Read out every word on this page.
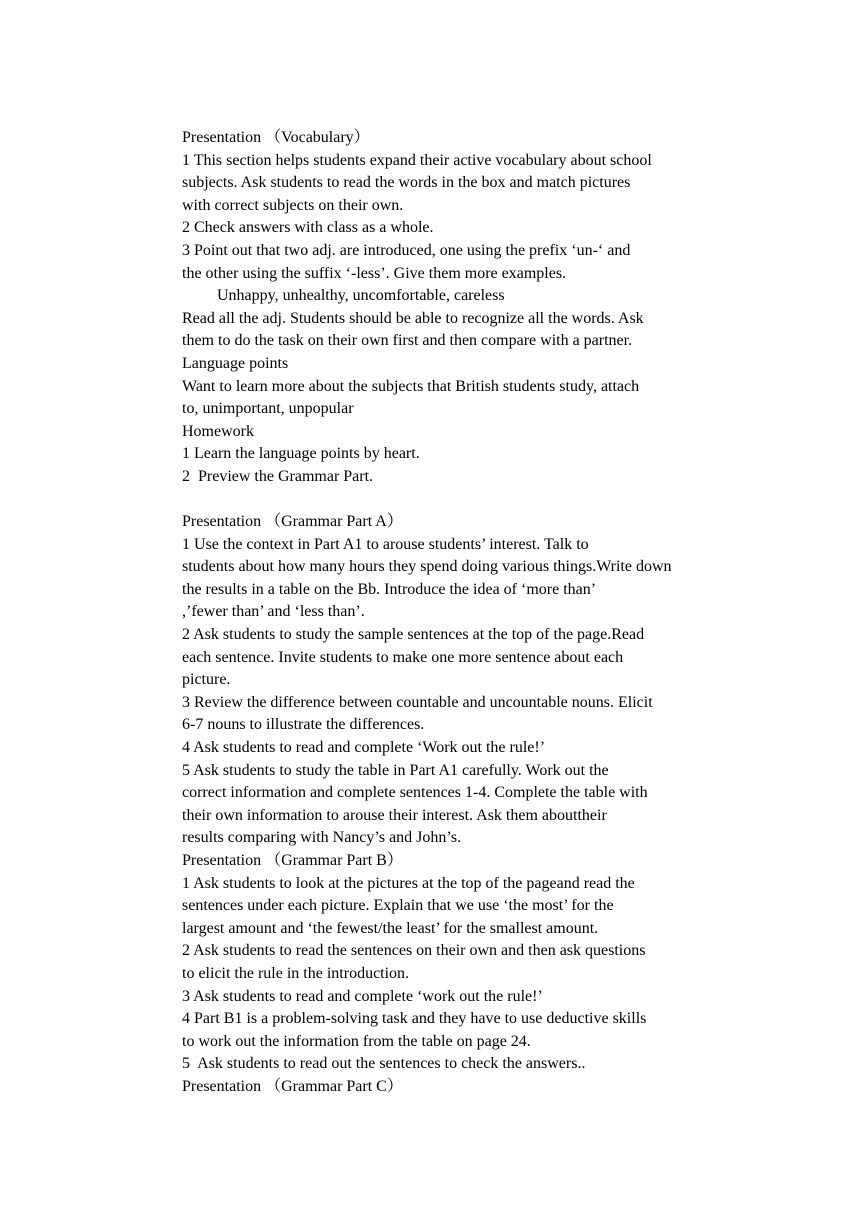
Presentation （Vocabulary）
1 This section helps students expand their active vocabulary about school
subjects. Ask students to read the words in the box and match pictures
with correct subjects on their own.
2 Check answers with class as a whole.
3 Point out that two adj. are introduced, one using the prefix ‘un-‘ and
the other using the suffix ‘-less’. Give them more examples.
Unhappy, unhealthy, uncomfortable, careless
Read all the adj. Students should be able to recognize all the words. Ask
them to do the task on their own first and then compare with a partner.
Language points
Want to learn more about the subjects that British students study, attach
to, unimportant, unpopular
Homework
1 Learn the language points by heart.
2  Preview the Grammar Part.
Presentation （Grammar Part A）
1 Use the context in Part A1 to arouse students’ interest. Talk to
students about how many hours they spend doing various things.Write down
the results in a table on the Bb. Introduce the idea of ‘more than’
,’fewer than’ and ‘less than’.
2 Ask students to study the sample sentences at the top of the page.Read
each sentence. Invite students to make one more sentence about each
picture.
3 Review the difference between countable and uncountable nouns. Elicit
6-7 nouns to illustrate the differences.
4 Ask students to read and complete ‘Work out the rule!’
5 Ask students to study the table in Part A1 carefully. Work out the
correct information and complete sentences 1-4. Complete the table with
their own information to arouse their interest. Ask them abouttheir
results comparing with Nancy’s and John’s.
Presentation （Grammar Part B）
1 Ask students to look at the pictures at the top of the pageand read the
sentences under each picture. Explain that we use ‘the most’ for the
largest amount and ‘the fewest/the least’ for the smallest amount.
2 Ask students to read the sentences on their own and then ask questions
to elicit the rule in the introduction.
3 Ask students to read and complete ‘work out the rule!’
4 Part B1 is a problem-solving task and they have to use deductive skills
to work out the information from the table on page 24.
5  Ask students to read out the sentences to check the answers..
Presentation （Grammar Part C）
